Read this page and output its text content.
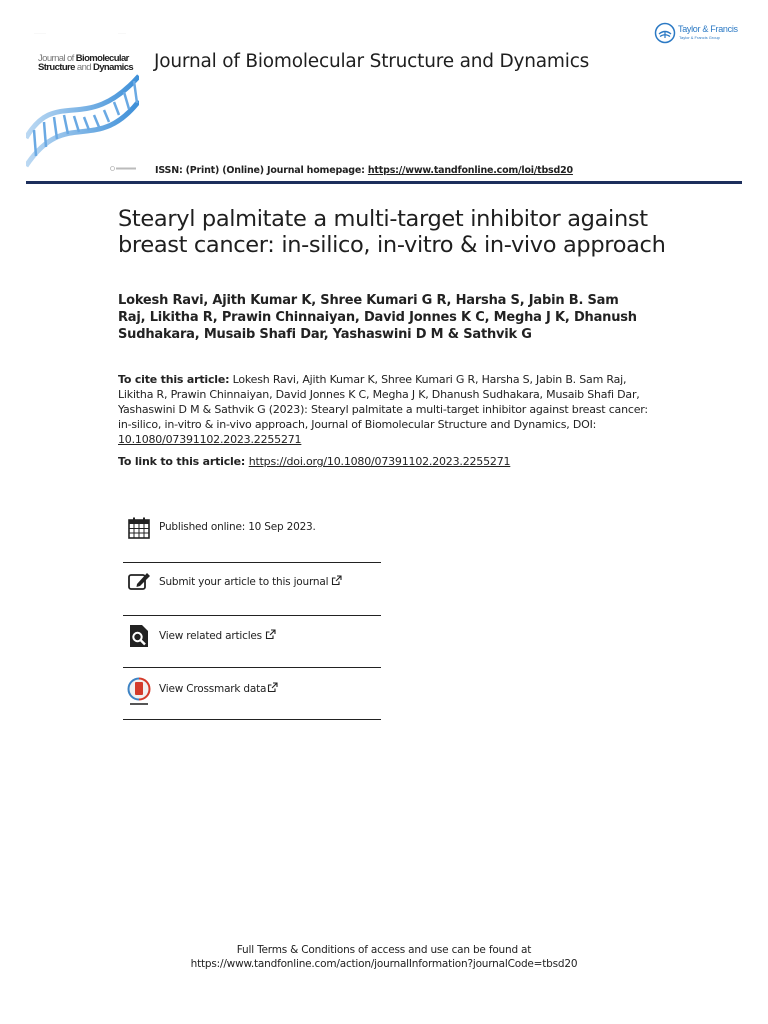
············	········
Journal of Biomolecular
Structure and Dynamics Journal of Biomolecular Structure and Dynamics
ISSN: (Print) (Online) Journal homepage: https://www.tandfonline.com/loi/tbsd20
Taylor & Francis
Taylor & Francis Group
Stearyl palmitate a multi-target inhibitor against breast cancer: in-silico, in-vitro & in-vivo approach
Lokesh Ravi, Ajith Kumar K, Shree Kumari G R, Harsha S, Jabin B. Sam Raj, Likitha R, Prawin Chinnaiyan, David Jonnes K C, Megha J K, Dhanush Sudhakara, Musaib Shafi Dar, Yashaswini D M & Sathvik G
To cite this article: Lokesh Ravi, Ajith Kumar K, Shree Kumari G R, Harsha S, Jabin B. Sam Raj, Likitha R, Prawin Chinnaiyan, David Jonnes K C, Megha J K, Dhanush Sudhakara, Musaib Shafi Dar, Yashaswini D M & Sathvik G (2023): Stearyl palmitate a multi-target inhibitor against breast cancer: in-silico, in-vitro & in-vivo approach, Journal of Biomolecular Structure and Dynamics, DOI: 10.1080/07391102.2023.2255271
To link to this article: https://doi.org/10.1080/07391102.2023.2255271
Published online: 10 Sep 2023.
Submit your article to this journal
View related articles
View Crossmark data
Full Terms & Conditions of access and use can be found at
https://www.tandfonline.com/action/journalInformation?journalCode=tbsd20
